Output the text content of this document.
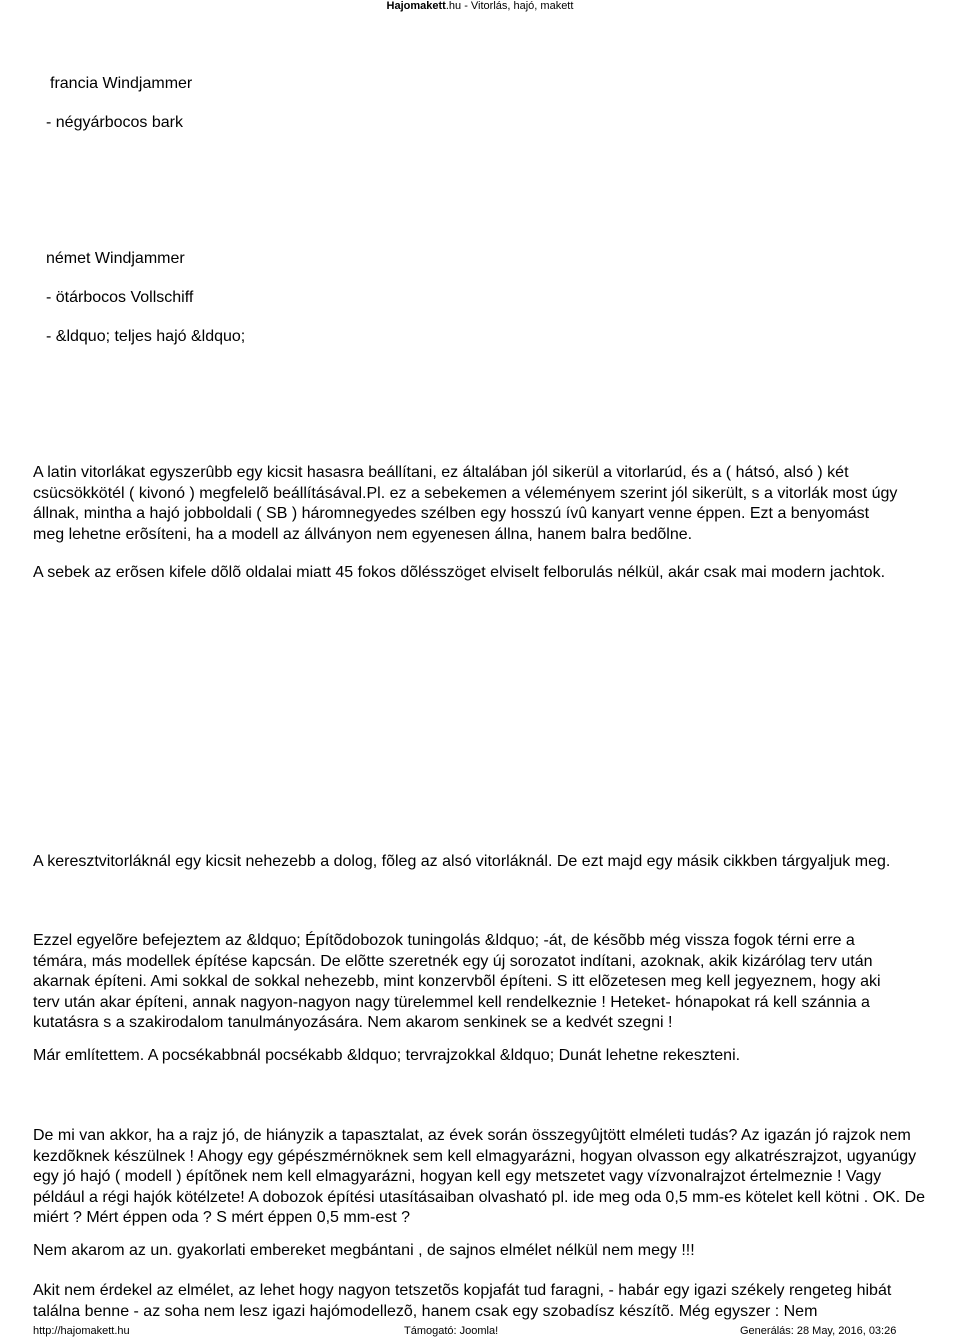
Hajomakett.hu - Vitorlás, hajó, makett
francia Windjammer
- négyárbocos bark
német Windjammer
- ötárbocos Vollschiff
- &ldquo; teljes hajó &ldquo;

A latin vitorlákat egyszerûbb egy kicsit hasasra beállítani, ez általában jól sikerül a vitorlarúd, és a ( hátsó, alsó ) két csücsökkötél ( kivonó ) megfelelõ beállításával.Pl. ez a sebekemen a véleményem szerint jól sikerült, s a vitorlák most úgy állnak, mintha a hajó jobboldali ( SB ) háromnegyedes szélben egy hosszú ívû kanyart venne éppen. Ezt a benyomást meg lehetne erõsíteni, ha a modell az állványon nem egyenesen állna, hanem balra bedõlne.

A sebek az erõsen kifele dõlõ oldalai miatt 45 fokos dõlésszöget elviselt felborulás nélkül, akár csak mai modern jachtok.

A keresztvitorláknál egy kicsit nehezebb a dolog, fõleg az alsó vitorláknál. De ezt majd egy másik cikkben tárgyaljuk meg.

Ezzel egyelõre befejeztem az &ldquo; Építõdobozok tuningolás &ldquo; -át, de késõbb még vissza fogok térni erre a témára, más modellek építése kapcsán. De elõtte szeretnék egy új sorozatot indítani, azoknak, akik kizárólag terv után akarnak építeni. Ami sokkal de sokkal nehezebb, mint konzervbõl építeni. S itt elõzetesen meg kell jegyeznem, hogy aki terv után akar építeni, annak nagyon-nagyon nagy türelemmel kell rendelkeznie ! Heteket- hónapokat rá kell szánnia a kutatásra s a szakirodalom tanulmányozására. Nem akarom senkinek se a kedvét szegni !

Már említettem. A pocsékabbnál pocsékabb &ldquo; tervrajzokkal &ldquo; Dunát lehetne rekeszteni.

De mi van akkor, ha a rajz jó, de hiányzik a tapasztalat, az évek során összegyûjtött elméleti tudás? Az igazán jó rajzok nem kezdõknek készülnek ! Ahogy egy gépészmérnöknek sem kell elmagyarázni, hogyan olvasson egy alkatrészrajzot, ugyanúgy egy jó hajó ( modell ) építõnek nem kell elmagyarázni, hogyan kell egy metszetet vagy vízvonalrajzot értelmeznie ! Vagy például a régi hajók kötélzete! A dobozok építési utasításaiban olvasható pl. ide meg oda 0,5 mm-es kötelet kell kötni . OK. De miért ? Mért éppen oda ? S mért éppen 0,5 mm-est ?

Nem akarom az un. gyakorlati embereket megbántani , de sajnos elmélet nélkül nem megy !!!

Akit nem érdekel az elmélet, az lehet hogy nagyon tetszetõs kopjafát tud faragni, - habár egy igazi székely rengeteg hibát találna benne - az soha nem lesz igazi hajómodellezõ, hanem csak egy szobadísz készítõ. Még egyszer : Nem

http://hajomakett.hu	Támogató: Joomla!	Generálás: 28 May, 2016, 03:26
